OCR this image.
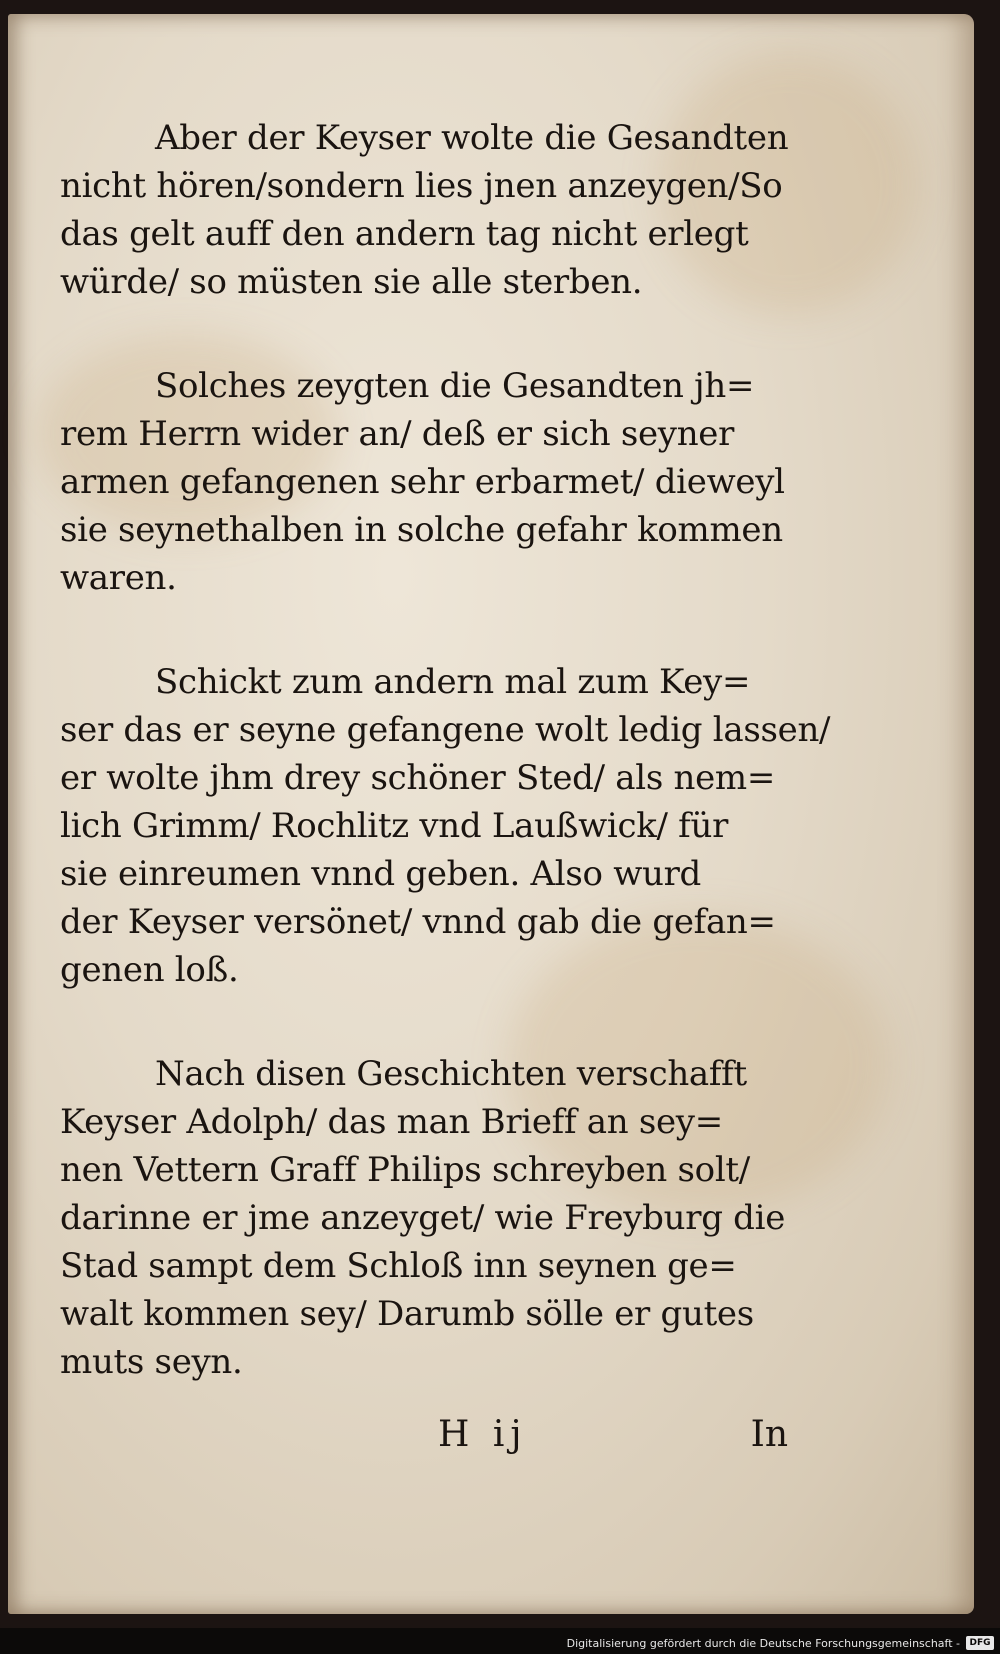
Aber der Keyser wolte die Gesandten
nicht hören/sondern lies jnen anzeygen/So
das gelt auff den andern tag nicht erlegt
würde/ so müsten sie alle sterben.

Solches zeygten die Gesandten jh=
rem Herrn wider an/ deß er sich seyner
armen gefangenen sehr erbarmet/ dieweyl
sie seynethalben in solche gefahr kommen
waren.

Schickt zum andern mal zum Key=
ser das er seyne gefangene wolt ledig lassen/
er wolte jhm drey schöner Sted/ als nem=
lich Grimm/ Rochlitz vnd Laußwick/ für
sie einreumen vnnd geben. Also wurd
der Keyser versönet/ vnnd gab die gefan=
genen loß.

Nach disen Geschichten verschafft
Keyser Adolph/ das man Brieff an sey=
nen Vettern Graff Philips schreyben solt/
darinne er jme anzeyget/ wie Freyburg die
Stad sampt dem Schloß inn seynen ge=
walt kommen sey/ Darumb sölle er gutes
muts seyn.

H ij	In
Digitalisierung gefördert durch die Deutsche Forschungsgemeinschaft -	DFG
